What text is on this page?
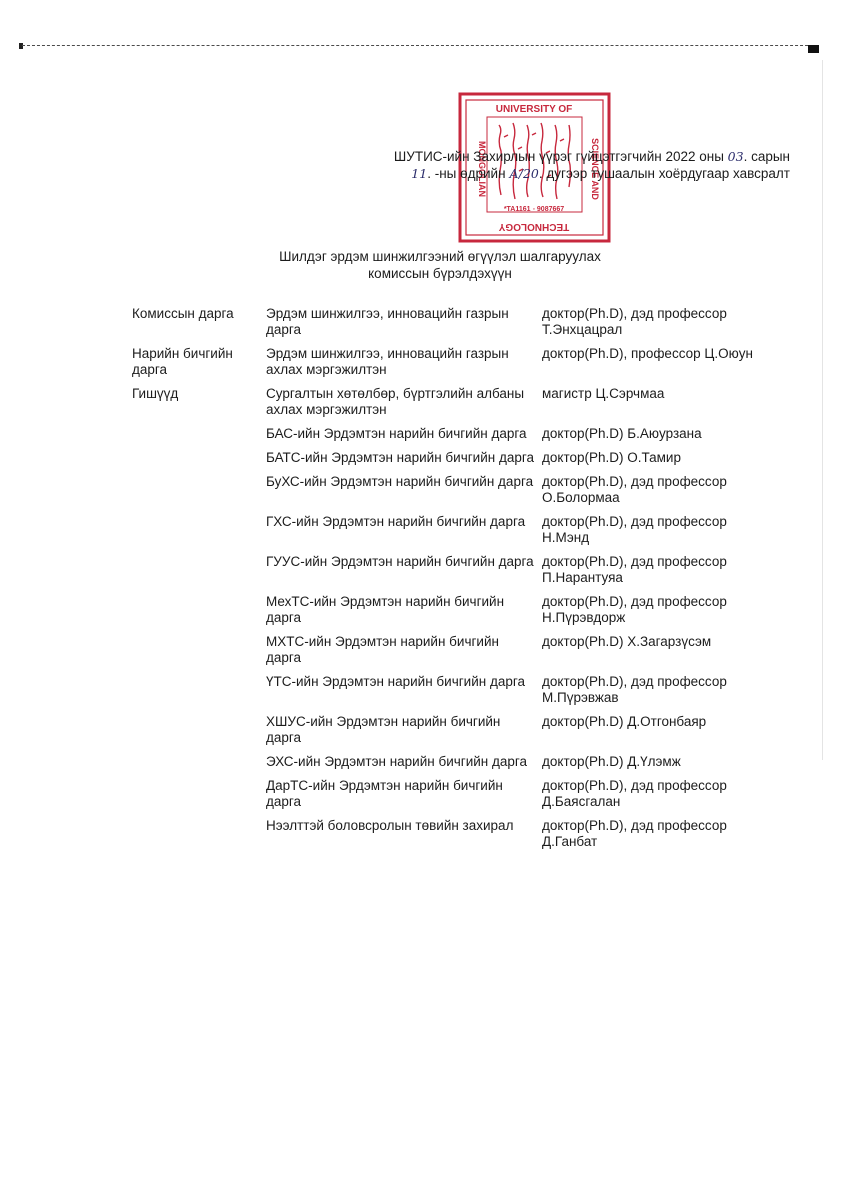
UNIVERSITY OF
TECHNOLOGY
MONGOLIAN	SCIENCE AND
*TA1161 ◦ 9087667
ШУТИС-ийн Захирлын үүрэг гүйцэтгэгчийн 2022 оны 03. сарын
11. -ны өдрийн А/20. дугээр тушаалын хоёрдугаар хавсралт
Шилдэг эрдэм шинжилгээний өгүүлэл шалгаруулах
комиссын бүрэлдэхүүн
Комиссын дарга	Эрдэм шинжилгээ, инновацийн газрын дарга	доктор(Ph.D), дэд профессор Т.Энхцацрал
Нарийн бичгийн дарга	Эрдэм шинжилгээ, инновацийн газрын ахлах мэргэжилтэн	доктор(Ph.D), профессор Ц.Оюун
Гишүүд	Сургалтын хөтөлбөр, бүртгэлийн албаны ахлах мэргэжилтэн	магистр Ц.Сэрчмаа
	БАС-ийн Эрдэмтэн нарийн бичгийн дарга	доктор(Ph.D) Б.Аюурзана
	БАТС-ийн Эрдэмтэн нарийн бичгийн дарга	доктор(Ph.D) О.Тамир
	БуХС-ийн Эрдэмтэн нарийн бичгийн дарга	доктор(Ph.D), дэд профессор О.Болормаа
	ГХС-ийн Эрдэмтэн нарийн бичгийн дарга	доктор(Ph.D), дэд профессор Н.Мэнд
	ГУУС-ийн Эрдэмтэн нарийн бичгийн дарга	доктор(Ph.D), дэд профессор П.Нарантуяа
	МехТС-ийн Эрдэмтэн нарийн бичгийн дарга	доктор(Ph.D), дэд профессор Н.Пүрэвдорж
	МХТС-ийн Эрдэмтэн нарийн бичгийн дарга	доктор(Ph.D) Х.Загарзүсэм
	ҮТС-ийн Эрдэмтэн нарийн бичгийн дарга	доктор(Ph.D), дэд профессор М.Пүрэвжав
	ХШУС-ийн Эрдэмтэн нарийн бичгийн дарга	доктор(Ph.D) Д.Отгонбаяр
	ЭХС-ийн Эрдэмтэн нарийн бичгийн дарга	доктор(Ph.D) Д.Үлэмж
	ДарТС-ийн Эрдэмтэн нарийн бичгийн дарга	доктор(Ph.D), дэд профессор Д.Баясгалан
	Нээлттэй боловсролын төвийн захирал	доктор(Ph.D), дэд профессор Д.Ганбат
